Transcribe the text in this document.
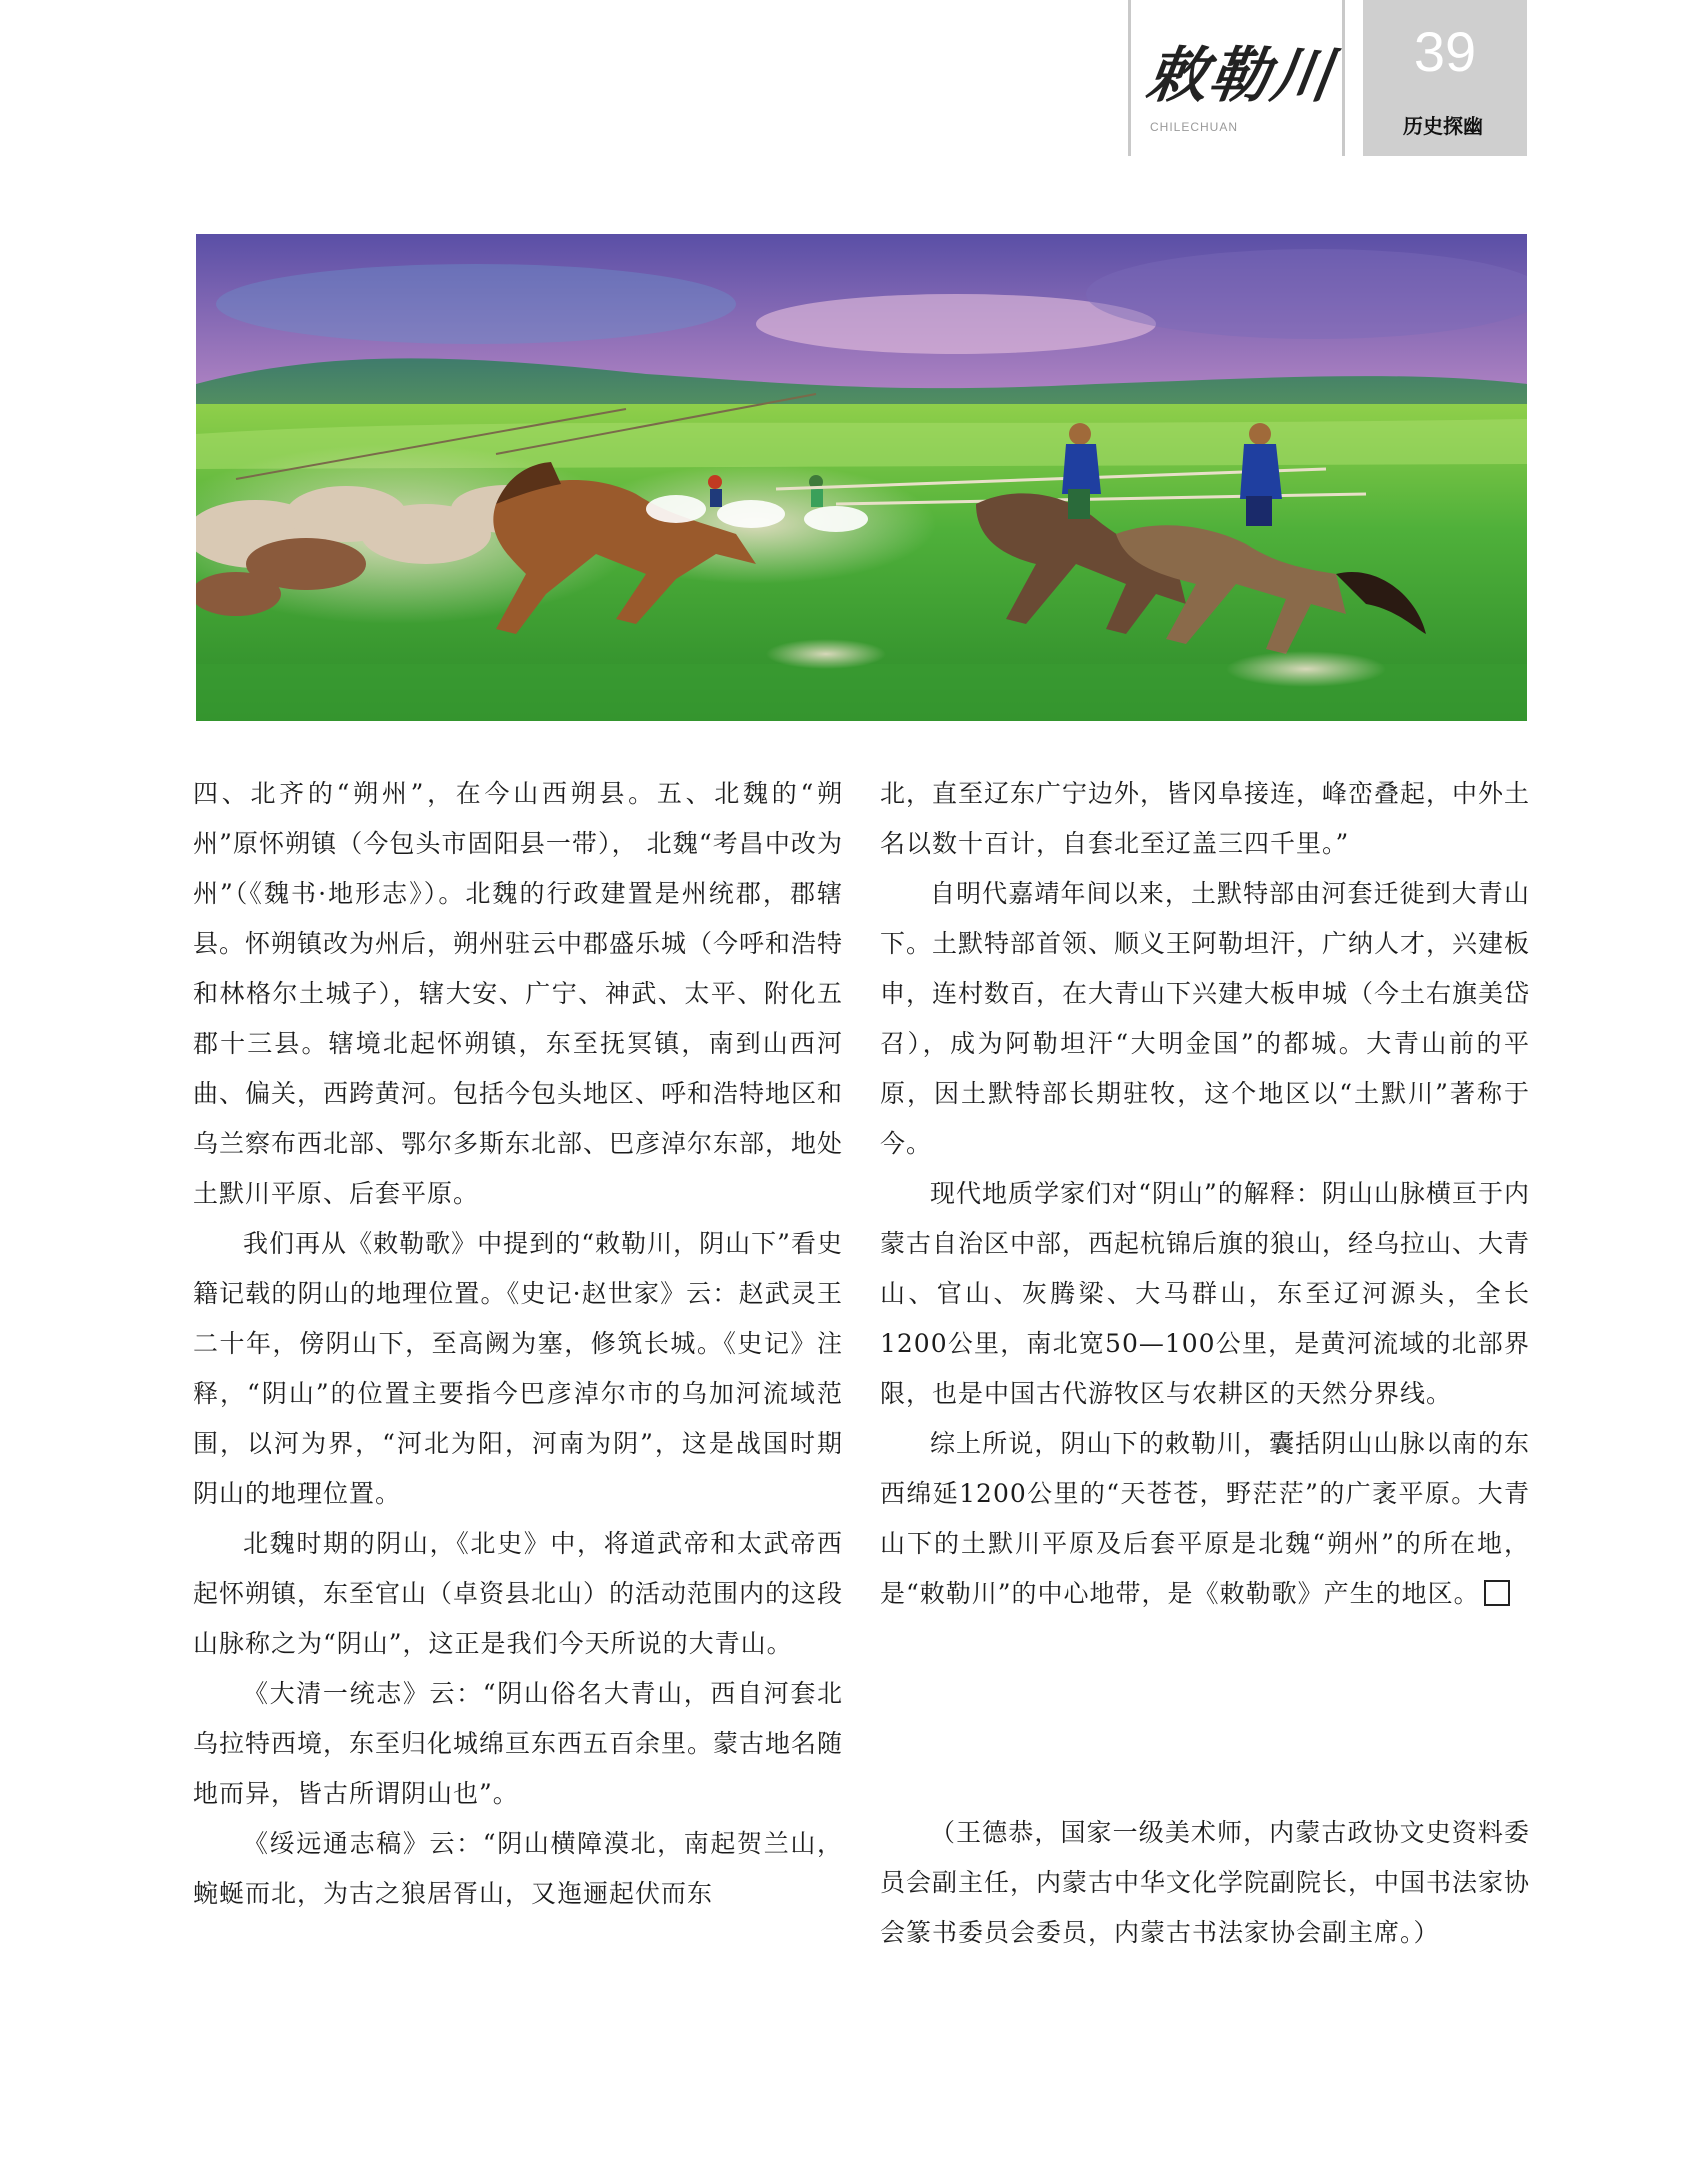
敕勒川
CHILECHUAN
39
历史探幽
四、北齐的“朔州”，在今山西朔县。五、北魏的“朔州”原怀朔镇（今包头市固阳县一带）， 北魏“考昌中改为州”（《魏书·地形志》）。北魏的行政建置是州统郡，郡辖县。怀朔镇改为州后，朔州驻云中郡盛乐城（今呼和浩特和林格尔土城子），辖大安、广宁、神武、太平、附化五郡十三县。辖境北起怀朔镇，东至抚冥镇，南到山西河曲、偏关，西跨黄河。包括今包头地区、呼和浩特地区和乌兰察布西北部、鄂尔多斯东北部、巴彦淖尔东部，地处土默川平原、后套平原。
我们再从《敕勒歌》中提到的“敕勒川，阴山下”看史籍记载的阴山的地理位置。《史记·赵世家》云：赵武灵王二十年，傍阴山下，至高阙为塞，修筑长城。《史记》注释，“阴山”的位置主要指今巴彦淖尔市的乌加河流域范围，以河为界，“河北为阳，河南为阴”，这是战国时期阴山的地理位置。
北魏时期的阴山，《北史》中，将道武帝和太武帝西起怀朔镇，东至官山（卓资县北山）的活动范围内的这段山脉称之为“阴山”，这正是我们今天所说的大青山。
《大清一统志》云：“阴山俗名大青山，西自河套北乌拉特西境，东至归化城绵亘东西五百余里。蒙古地名随地而异，皆古所谓阴山也”。
《绥远通志稿》云：“阴山横障漠北，南起贺兰山，蜿蜒而北，为古之狼居胥山，又迤逦起伏而东
北，直至辽东广宁边外，皆冈阜接连，峰峦叠起，中外土名以数十百计，自套北至辽盖三四千里。”
自明代嘉靖年间以来，土默特部由河套迁徙到大青山下。土默特部首领、顺义王阿勒坦汗，广纳人才，兴建板申，连村数百，在大青山下兴建大板申城（今土右旗美岱召），成为阿勒坦汗“大明金国”的都城。大青山前的平原，因土默特部长期驻牧，这个地区以“土默川”著称于今。
现代地质学家们对“阴山”的解释：阴山山脉横亘于内蒙古自治区中部，西起杭锦后旗的狼山，经乌拉山、大青山、官山、灰腾梁、大马群山，东至辽河源头，全长1200公里，南北宽50—100公里，是黄河流域的北部界限，也是中国古代游牧区与农耕区的天然分界线。
综上所说，阴山下的敕勒川，囊括阴山山脉以南的东西绵延1200公里的“天苍苍，野茫茫”的广袤平原。大青山下的土默川平原及后套平原是北魏“朔州”的所在地，是“敕勒川”的中心地带，是《敕勒歌》产生的地区。
（王德恭，国家一级美术师，内蒙古政协文史资料委员会副主任，内蒙古中华文化学院副院长，中国书法家协会篆书委员会委员，内蒙古书法家协会副主席。）
